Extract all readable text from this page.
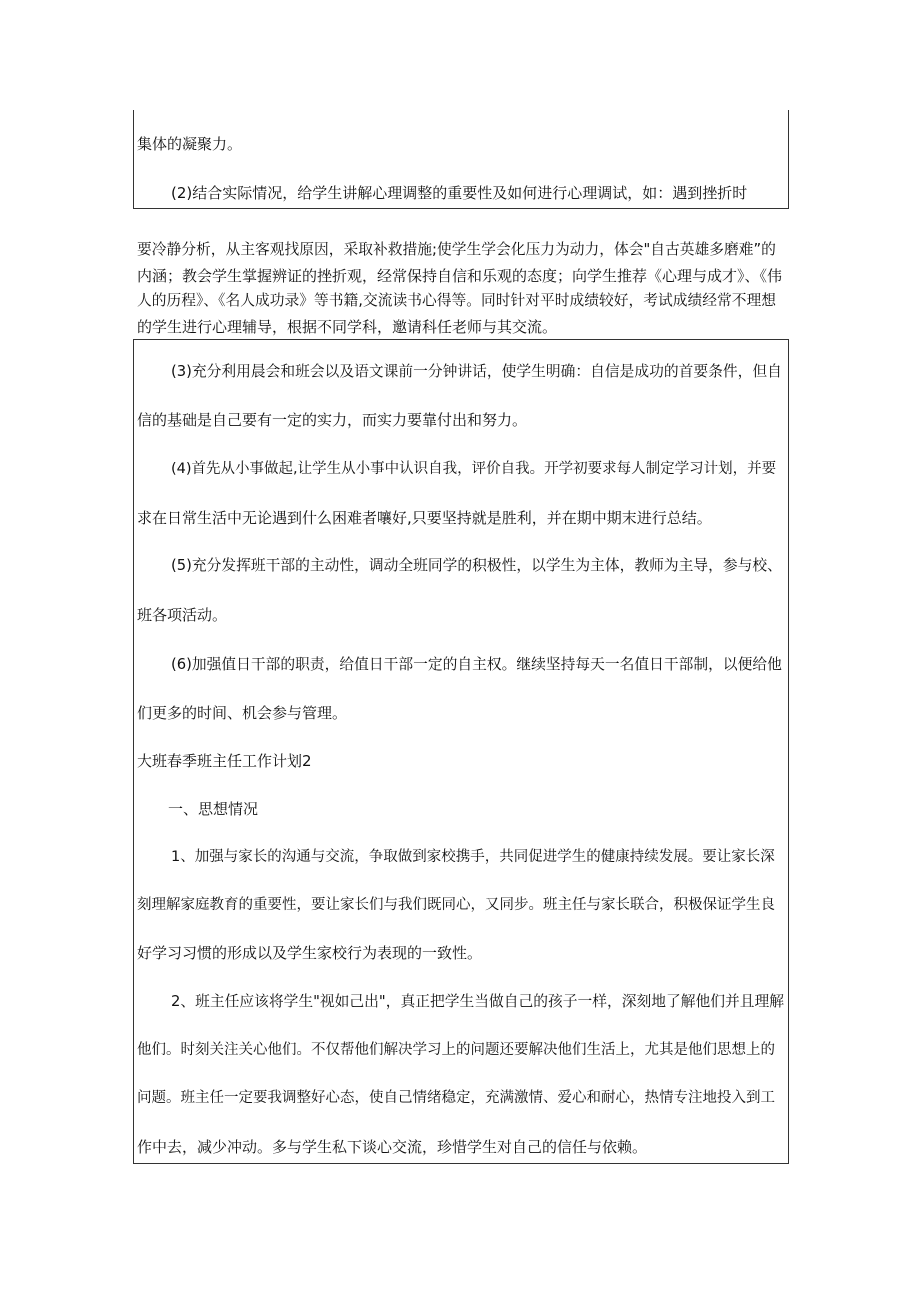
集体的凝聚力。
(2)结合实际情况，给学生讲解心理调整的重要性及如何进行心理调试，如：遇到挫折时
要冷静分析，从主客观找原因，采取补救措施;使学生学会化压力为动力，体会"自古英雄多磨难”的
内涵；教会学生掌握辨证的挫折观，经常保持自信和乐观的态度；向学生推荐《心理与成才》、《伟
人的历程》、《名人成功录》等书籍,交流读书心得等。同时针对平时成绩较好，考试成绩经常不理想
的学生进行心理辅导，根据不同学科，邀请科任老师与其交流。
(3)充分利用晨会和班会以及语文课前一分钟讲话，使学生明确：自信是成功的首要条件，但自
信的基础是自己要有一定的实力，而实力要靠付出和努力。
(4)首先从小事做起,让学生从小事中认识自我，评价自我。开学初要求每人制定学习计划，并要
求在日常生活中无论遇到什么困难者嚷好,只要坚持就是胜利，并在期中期末进行总结。
(5)充分发挥班干部的主动性，调动全班同学的积极性，以学生为主体，教师为主导，参与校、
班各项活动。
(6)加强值日干部的职责，给值日干部一定的自主权。继续坚持每天一名值日干部制，以便给他
们更多的时间、机会参与管理。
大班春季班主任工作计划2
一、思想情况
1、加强与家长的沟通与交流，争取做到家校携手，共同促进学生的健康持续发展。要让家长深
刻理解家庭教育的重要性，要让家长们与我们既同心，又同步。班主任与家长联合，积极保证学生良
好学习习惯的形成以及学生家校行为表现的一致性。
2、班主任应该将学生"视如己出"，真正把学生当做自己的孩子一样，深刻地了解他们并且理解
他们。时刻关注关心他们。不仅帮他们解决学习上的问题还要解决他们生活上，尤其是他们思想上的
问题。班主任一定要我调整好心态，使自己情绪稳定，充满激情、爱心和耐心，热情专注地投入到工
作中去，减少冲动。多与学生私下谈心交流，珍惜学生对自己的信任与依赖。
